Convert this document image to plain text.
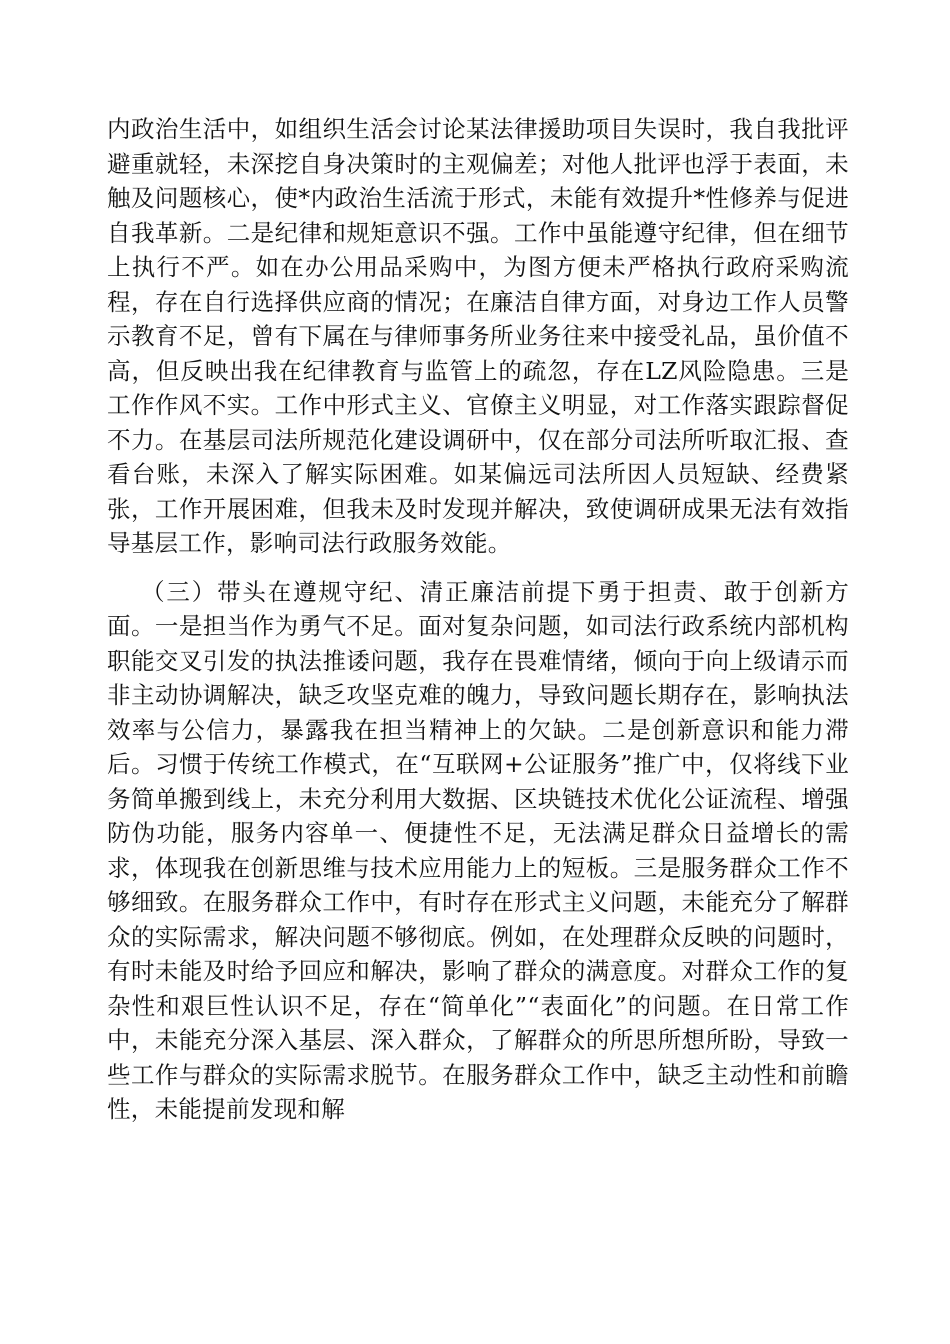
内政治生活中，如组织生活会讨论某法律援助项目失误时，我自我批评避重就轻，未深挖自身决策时的主观偏差；对他人批评也浮于表面，未触及问题核心，使*内政治生活流于形式，未能有效提升*性修养与促进自我革新。二是纪律和规矩意识不强。工作中虽能遵守纪律，但在细节上执行不严。如在办公用品采购中，为图方便未严格执行政府采购流程，存在自行选择供应商的情况；在廉洁自律方面，对身边工作人员警示教育不足，曾有下属在与律师事务所业务往来中接受礼品，虽价值不高，但反映出我在纪律教育与监管上的疏忽，存在LZ风险隐患。三是工作作风不实。工作中形式主义、官僚主义明显，对工作落实跟踪督促不力。在基层司法所规范化建设调研中，仅在部分司法所听取汇报、查看台账，未深入了解实际困难。如某偏远司法所因人员短缺、经费紧张，工作开展困难，但我未及时发现并解决，致使调研成果无法有效指导基层工作，影响司法行政服务效能。

（三）带头在遵规守纪、清正廉洁前提下勇于担责、敢于创新方面。一是担当作为勇气不足。面对复杂问题，如司法行政系统内部机构职能交叉引发的执法推诿问题，我存在畏难情绪，倾向于向上级请示而非主动协调解决，缺乏攻坚克难的魄力，导致问题长期存在，影响执法效率与公信力，暴露我在担当精神上的欠缺。二是创新意识和能力滞后。习惯于传统工作模式，在“互联网+公证服务”推广中，仅将线下业务简单搬到线上，未充分利用大数据、区块链技术优化公证流程、增强防伪功能，服务内容单一、便捷性不足，无法满足群众日益增长的需求，体现我在创新思维与技术应用能力上的短板。三是服务群众工作不够细致。在服务群众工作中，有时存在形式主义问题，未能充分了解群众的实际需求，解决问题不够彻底。例如，在处理群众反映的问题时，有时未能及时给予回应和解决，影响了群众的满意度。对群众工作的复杂性和艰巨性认识不足，存在“简单化”“表面化”的问题。在日常工作中，未能充分深入基层、深入群众，了解群众的所思所想所盼，导致一些工作与群众的实际需求脱节。在服务群众工作中，缺乏主动性和前瞻性，未能提前发现和解
